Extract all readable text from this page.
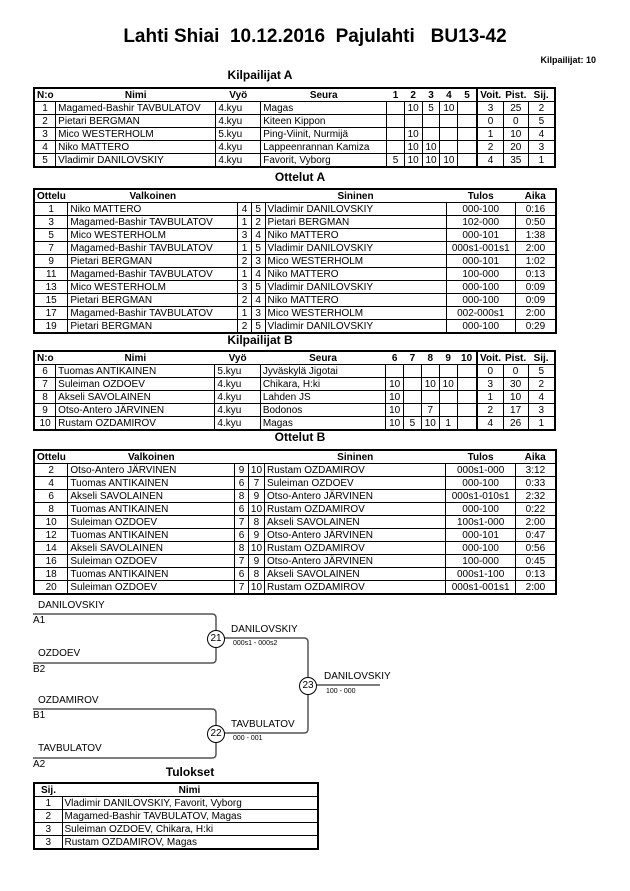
Lahti Shiai  10.12.2016  Pajulahti   BU13-42
Kilpailijat: 10
Kilpailijat A
N:o	Nimi	Vyö	Seura	1	2	3	4	5	Voit.	Pist.	Sij.
1	Magamed-Bashir TAVBULATOV	4.kyu	Magas		10	5	10		3	25	2
2	Pietari BERGMAN	4.kyu	Kiteen Kippon						0	0	5
3	Mico WESTERHOLM	5.kyu	Ping-Viinit, Nurmijä		10				1	10	4
4	Niko MATTERO	4.kyu	Lappeenrannan Kamiza		10	10			2	20	3
5	Vladimir DANILOVSKIY	4.kyu	Favorit, Vyborg	5	10	10	10		4	35	1
Ottelut A
Ottelu	Valkoinen			Sininen	Tulos	Aika
1	Niko MATTERO	4	5	Vladimir DANILOVSKIY	000-100	0:16
3	Magamed-Bashir TAVBULATOV	1	2	Pietari BERGMAN	102-000	0:50
5	Mico WESTERHOLM	3	4	Niko MATTERO	000-101	1:38
7	Magamed-Bashir TAVBULATOV	1	5	Vladimir DANILOVSKIY	000s1-001s1	2:00
9	Pietari BERGMAN	2	3	Mico WESTERHOLM	000-101	1:02
11	Magamed-Bashir TAVBULATOV	1	4	Niko MATTERO	100-000	0:13
13	Mico WESTERHOLM	3	5	Vladimir DANILOVSKIY	000-100	0:09
15	Pietari BERGMAN	2	4	Niko MATTERO	000-100	0:09
17	Magamed-Bashir TAVBULATOV	1	3	Mico WESTERHOLM	002-000s1	2:00
19	Pietari BERGMAN	2	5	Vladimir DANILOVSKIY	000-100	0:29
Kilpailijat B
N:o	Nimi	Vyö	Seura	6	7	8	9	10	Voit.	Pist.	Sij.
6	Tuomas ANTIKAINEN	5.kyu	Jyväskylä Jigotai						0	0	5
7	Suleiman OZDOEV	4.kyu	Chikara, H:ki	10		10	10		3	30	2
8	Akseli SAVOLAINEN	4.kyu	Lahden JS	10					1	10	4
9	Otso-Antero JÄRVINEN	4.kyu	Bodonos	10		7			2	17	3
10	Rustam OZDAMIROV	4.kyu	Magas	10	5	10	1		4	26	1
Ottelut B
Ottelu	Valkoinen			Sininen	Tulos	Aika
2	Otso-Antero JÄRVINEN	9	10	Rustam OZDAMIROV	000s1-000	3:12
4	Tuomas ANTIKAINEN	6	7	Suleiman OZDOEV	000-100	0:33
6	Akseli SAVOLAINEN	8	9	Otso-Antero JÄRVINEN	000s1-010s1	2:32
8	Tuomas ANTIKAINEN	6	10	Rustam OZDAMIROV	000-100	0:22
10	Suleiman OZDOEV	7	8	Akseli SAVOLAINEN	100s1-000	2:00
12	Tuomas ANTIKAINEN	6	9	Otso-Antero JÄRVINEN	000-101	0:47
14	Akseli SAVOLAINEN	8	10	Rustam OZDAMIROV	000-100	0:56
16	Suleiman OZDOEV	7	9	Otso-Antero JÄRVINEN	100-000	0:45
18	Tuomas ANTIKAINEN	6	8	Akseli SAVOLAINEN	000s1-100	0:13
20	Suleiman OZDOEV	7	10	Rustam OZDAMIROV	000s1-001s1	2:00
DANILOVSKIY
A1
OZDOEV
B2
OZDAMIROV
B1
TAVBULATOV
A2
21
DANILOVSKIY
000s1 - 000s2
22
TAVBULATOV
000 - 001
23
DANILOVSKIY
100 - 000
Tulokset
Sij.	Nimi
1	Vladimir DANILOVSKIY, Favorit, Vyborg
2	Magamed-Bashir TAVBULATOV, Magas
3	Suleiman OZDOEV, Chikara, H:ki
3	Rustam OZDAMIROV, Magas
